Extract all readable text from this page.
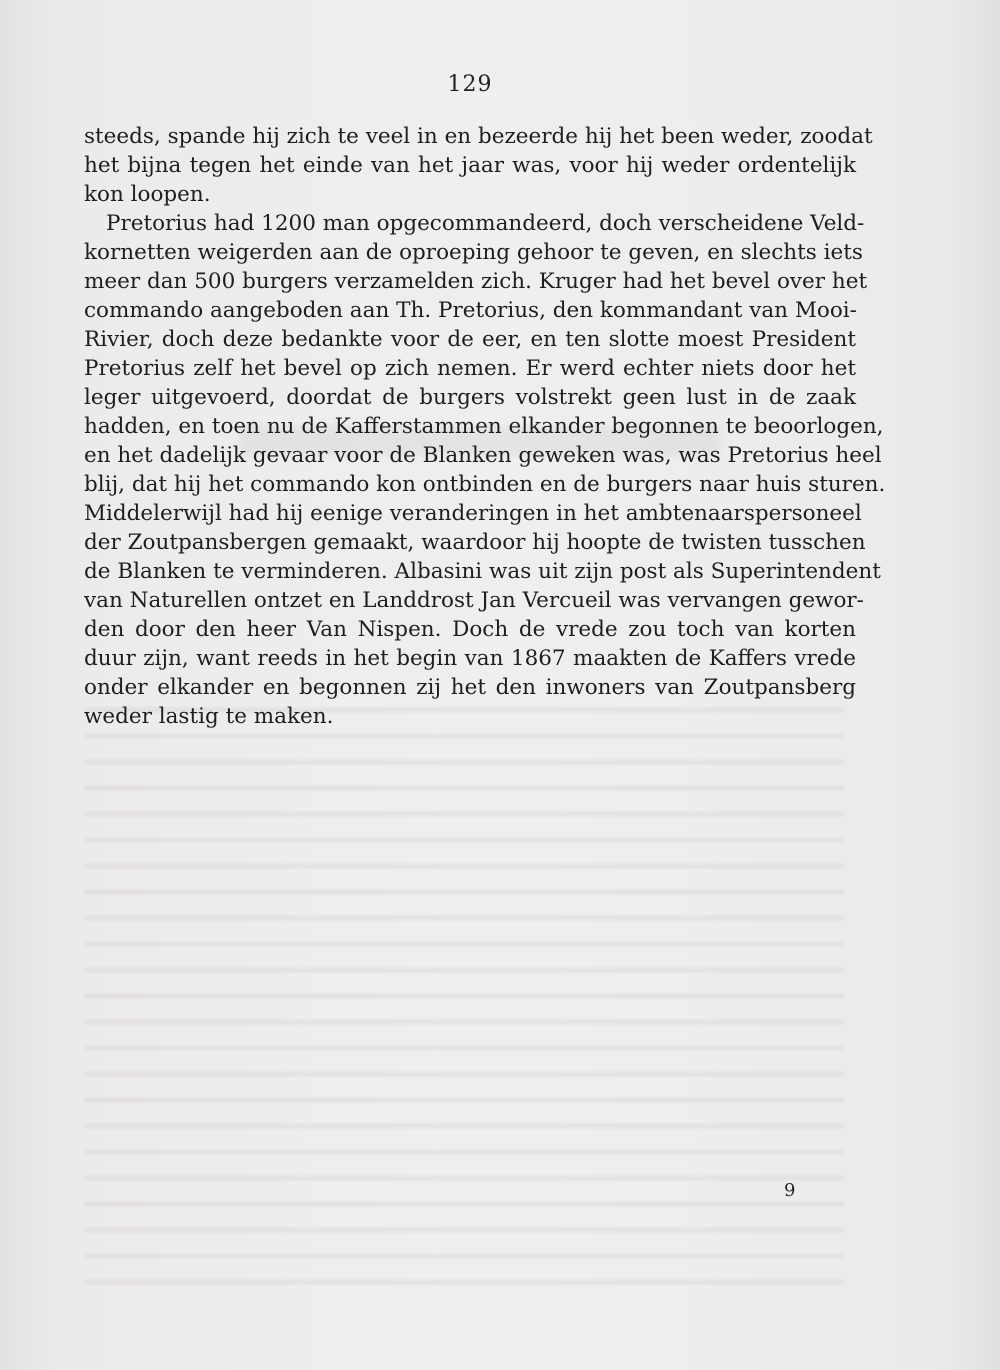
129
steeds, spande hij zich te veel in en bezeerde hij het been weder, zoodat
het bijna tegen het einde van het jaar was, voor hij weder ordentelijk
kon loopen.
Pretorius had 1200 man opgecommandeerd, doch verscheidene Veld-
kornetten weigerden aan de oproeping gehoor te geven, en slechts iets
meer dan 500 burgers verzamelden zich. Kruger had het bevel over het
commando aangeboden aan Th. Pretorius, den kommandant van Mooi-
Rivier, doch deze bedankte voor de eer, en ten slotte moest President
Pretorius zelf het bevel op zich nemen. Er werd echter niets door het
leger uitgevoerd, doordat de burgers volstrekt geen lust in de zaak
hadden, en toen nu de Kafferstammen elkander begonnen te beoorlogen,
en het dadelijk gevaar voor de Blanken geweken was, was Pretorius heel
blij, dat hij het commando kon ontbinden en de burgers naar huis sturen.
Middelerwijl had hij eenige veranderingen in het ambtenaarspersoneel
der Zoutpansbergen gemaakt, waardoor hij hoopte de twisten tusschen
de Blanken te verminderen. Albasini was uit zijn post als Superintendent
van Naturellen ontzet en Landdrost Jan Vercueil was vervangen gewor-
den door den heer Van Nispen. Doch de vrede zou toch van korten
duur zijn, want reeds in het begin van 1867 maakten de Kaffers vrede
onder elkander en begonnen zij het den inwoners van Zoutpansberg
weder lastig te maken.
9
